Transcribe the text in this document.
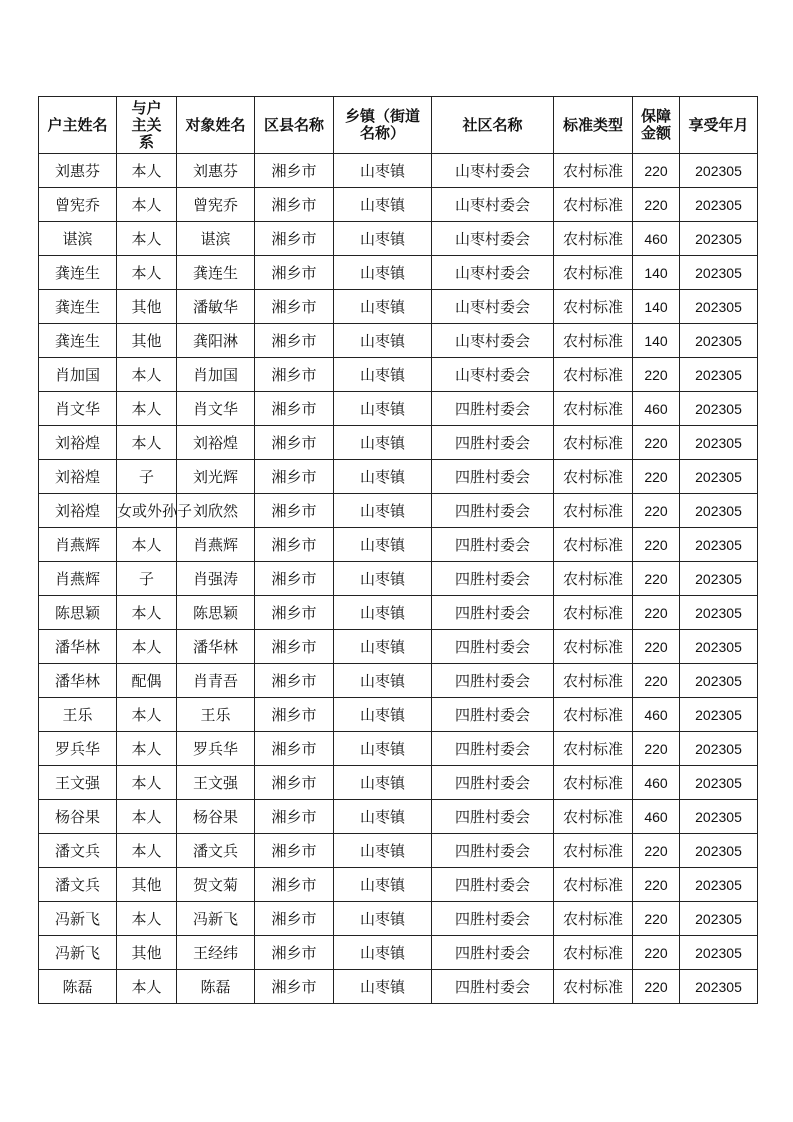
户主姓名	与户主关系	对象姓名	区县名称	乡镇（街道名称）	社区名称	标准类型	保障金额	享受年月

刘惠芬	本人	刘惠芬	湘乡市	山枣镇	山枣村委会	农村标准	220	202305
曾宪乔	本人	曾宪乔	湘乡市	山枣镇	山枣村委会	农村标准	220	202305
谌滨	本人	谌滨	湘乡市	山枣镇	山枣村委会	农村标准	460	202305
龚连生	本人	龚连生	湘乡市	山枣镇	山枣村委会	农村标准	140	202305
龚连生	其他	潘敏华	湘乡市	山枣镇	山枣村委会	农村标准	140	202305
龚连生	其他	龚阳淋	湘乡市	山枣镇	山枣村委会	农村标准	140	202305
肖加国	本人	肖加国	湘乡市	山枣镇	山枣村委会	农村标准	220	202305
肖文华	本人	肖文华	湘乡市	山枣镇	四胜村委会	农村标准	460	202305
刘裕煌	本人	刘裕煌	湘乡市	山枣镇	四胜村委会	农村标准	220	202305
刘裕煌	子	刘光辉	湘乡市	山枣镇	四胜村委会	农村标准	220	202305
刘裕煌	女或外孙子	刘欣然	湘乡市	山枣镇	四胜村委会	农村标准	220	202305
肖燕辉	本人	肖燕辉	湘乡市	山枣镇	四胜村委会	农村标准	220	202305
肖燕辉	子	肖强涛	湘乡市	山枣镇	四胜村委会	农村标准	220	202305
陈思颖	本人	陈思颖	湘乡市	山枣镇	四胜村委会	农村标准	220	202305
潘华林	本人	潘华林	湘乡市	山枣镇	四胜村委会	农村标准	220	202305
潘华林	配偶	肖青吾	湘乡市	山枣镇	四胜村委会	农村标准	220	202305
王乐	本人	王乐	湘乡市	山枣镇	四胜村委会	农村标准	460	202305
罗兵华	本人	罗兵华	湘乡市	山枣镇	四胜村委会	农村标准	220	202305
王文强	本人	王文强	湘乡市	山枣镇	四胜村委会	农村标准	460	202305
杨谷果	本人	杨谷果	湘乡市	山枣镇	四胜村委会	农村标准	460	202305
潘文兵	本人	潘文兵	湘乡市	山枣镇	四胜村委会	农村标准	220	202305
潘文兵	其他	贺文菊	湘乡市	山枣镇	四胜村委会	农村标准	220	202305
冯新飞	本人	冯新飞	湘乡市	山枣镇	四胜村委会	农村标准	220	202305
冯新飞	其他	王经纬	湘乡市	山枣镇	四胜村委会	农村标准	220	202305
陈磊	本人	陈磊	湘乡市	山枣镇	四胜村委会	农村标准	220	202305
